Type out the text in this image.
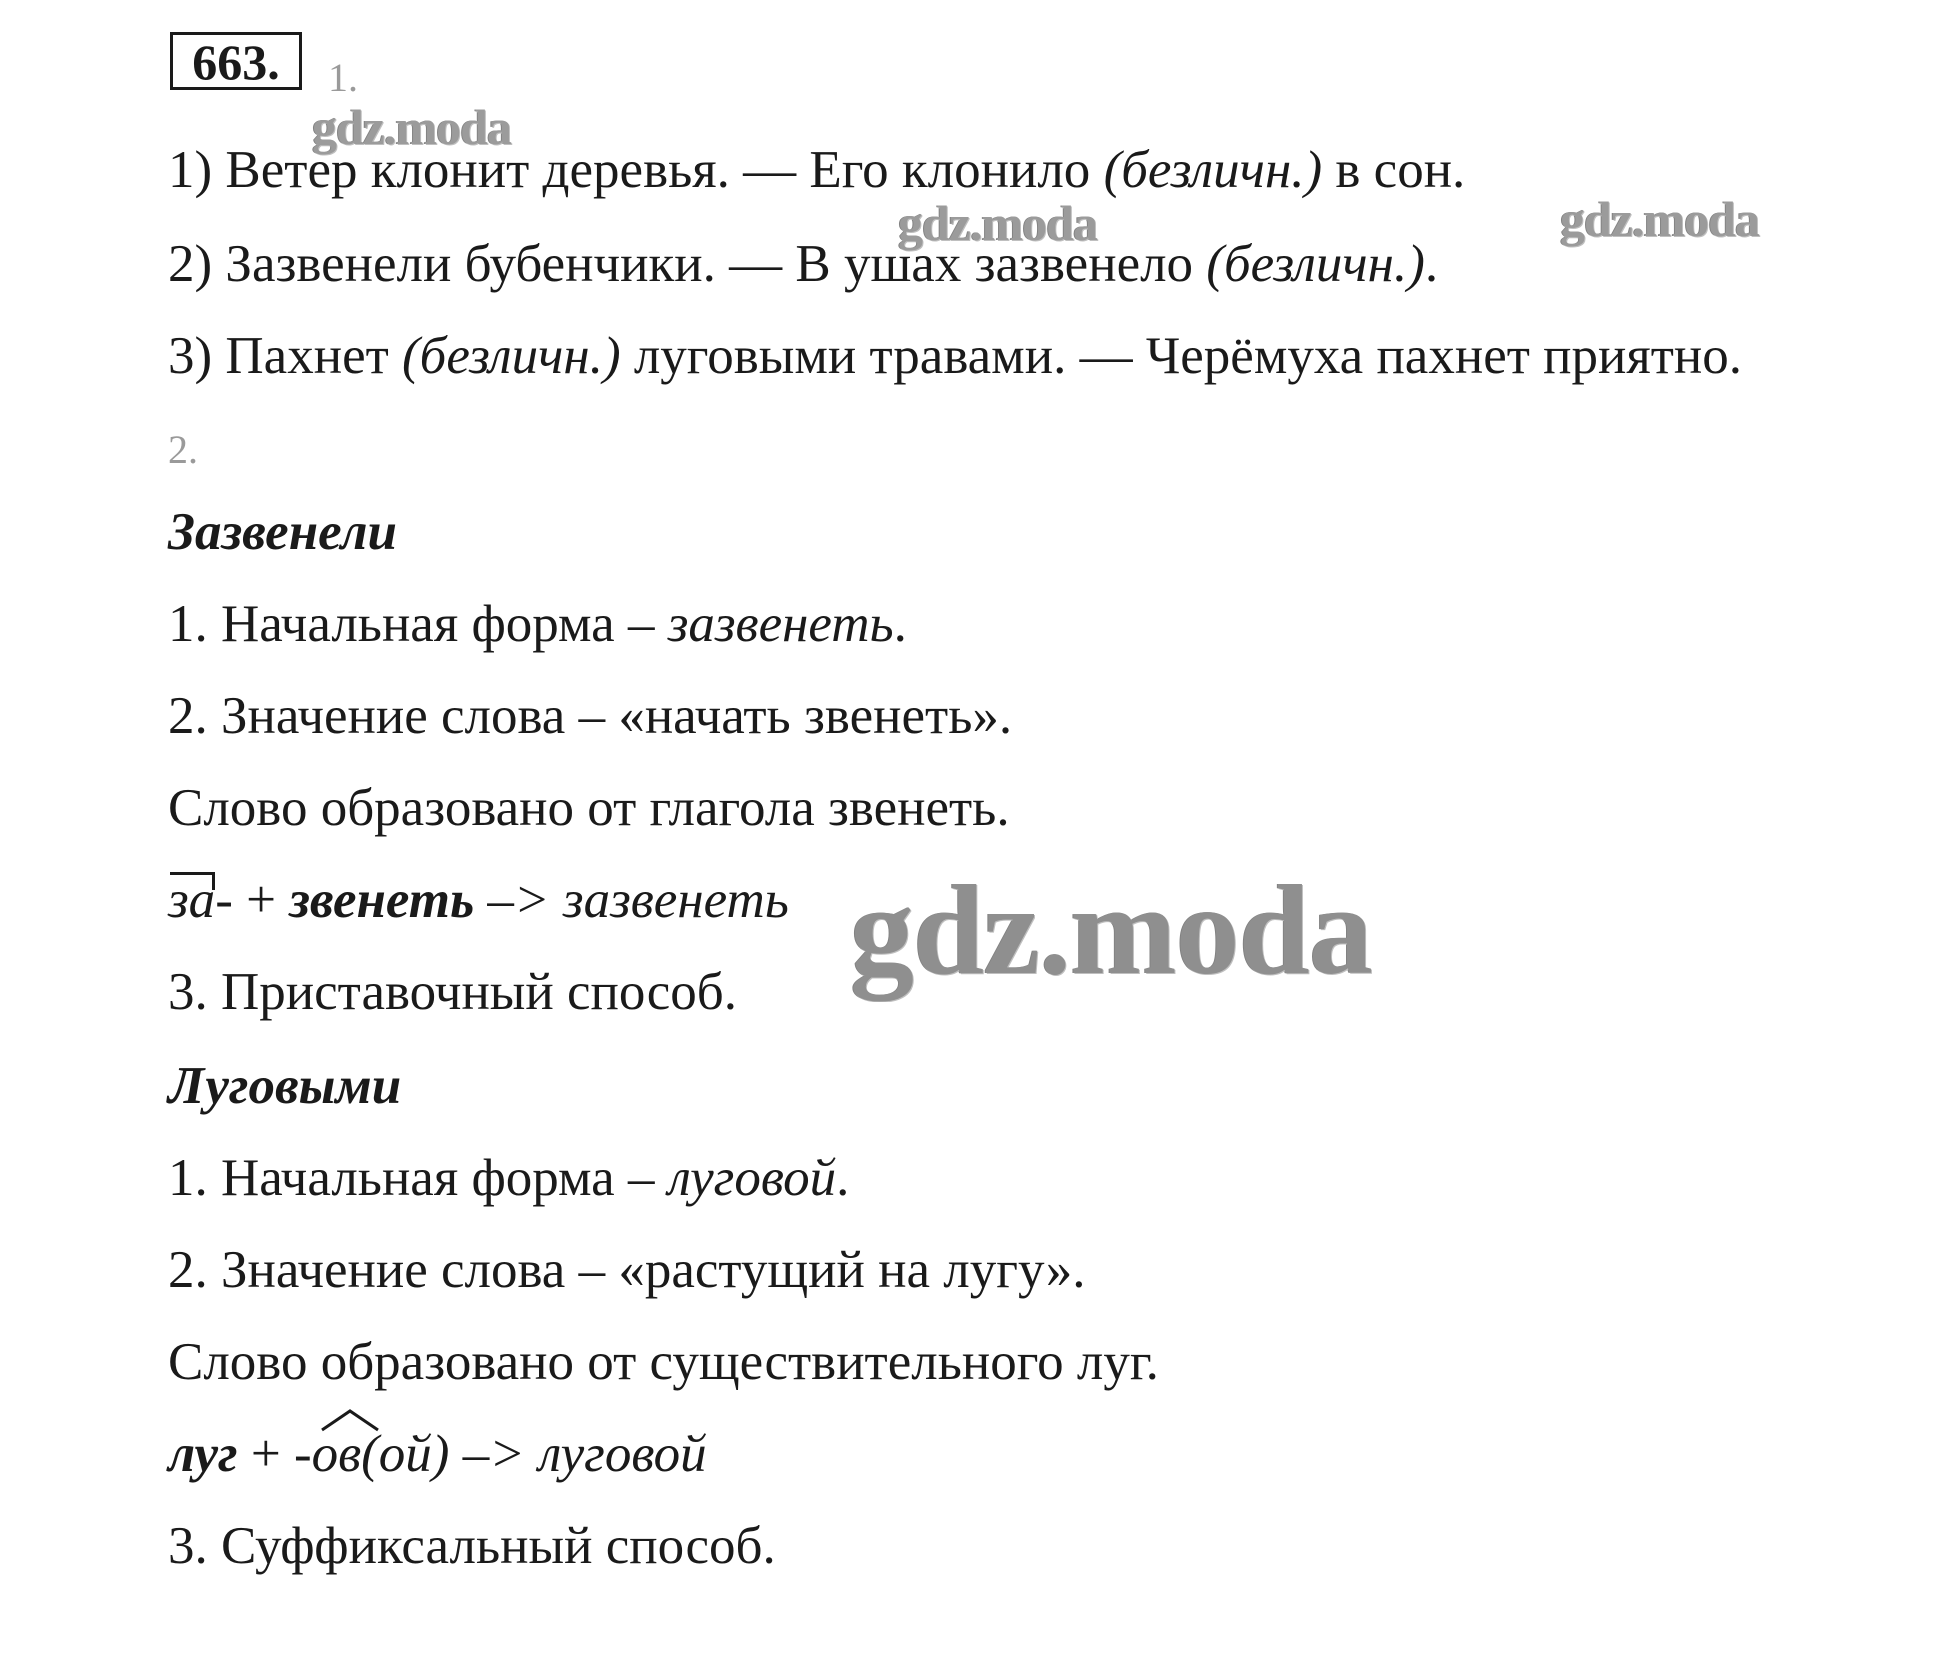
663.	1.
1) Ветер клонит деревья. — Его клонило (безличн.) в сон.
2) Зазвенели бубенчики. — В ушах зазвенело (безличн.).
3) Пахнет (безличн.) луговыми травами. — Черёмуха пахнет приятно.
2.
Зазвенели
1. Начальная форма – зазвенеть.
2. Значение слова – «начать звенеть».
Слово образовано от глагола звенеть.
за- + звенеть –> зазвенеть
3. Приставочный способ.
Луговыми
1. Начальная форма – луговой.
2. Значение слова – «растущий на лугу».
Слово образовано от существительного луг.
луг + -
ов(ой) –> луговой
3. Суффиксальный способ.
gdz.moda
gdz.moda	gdz.moda
gdz.moda
